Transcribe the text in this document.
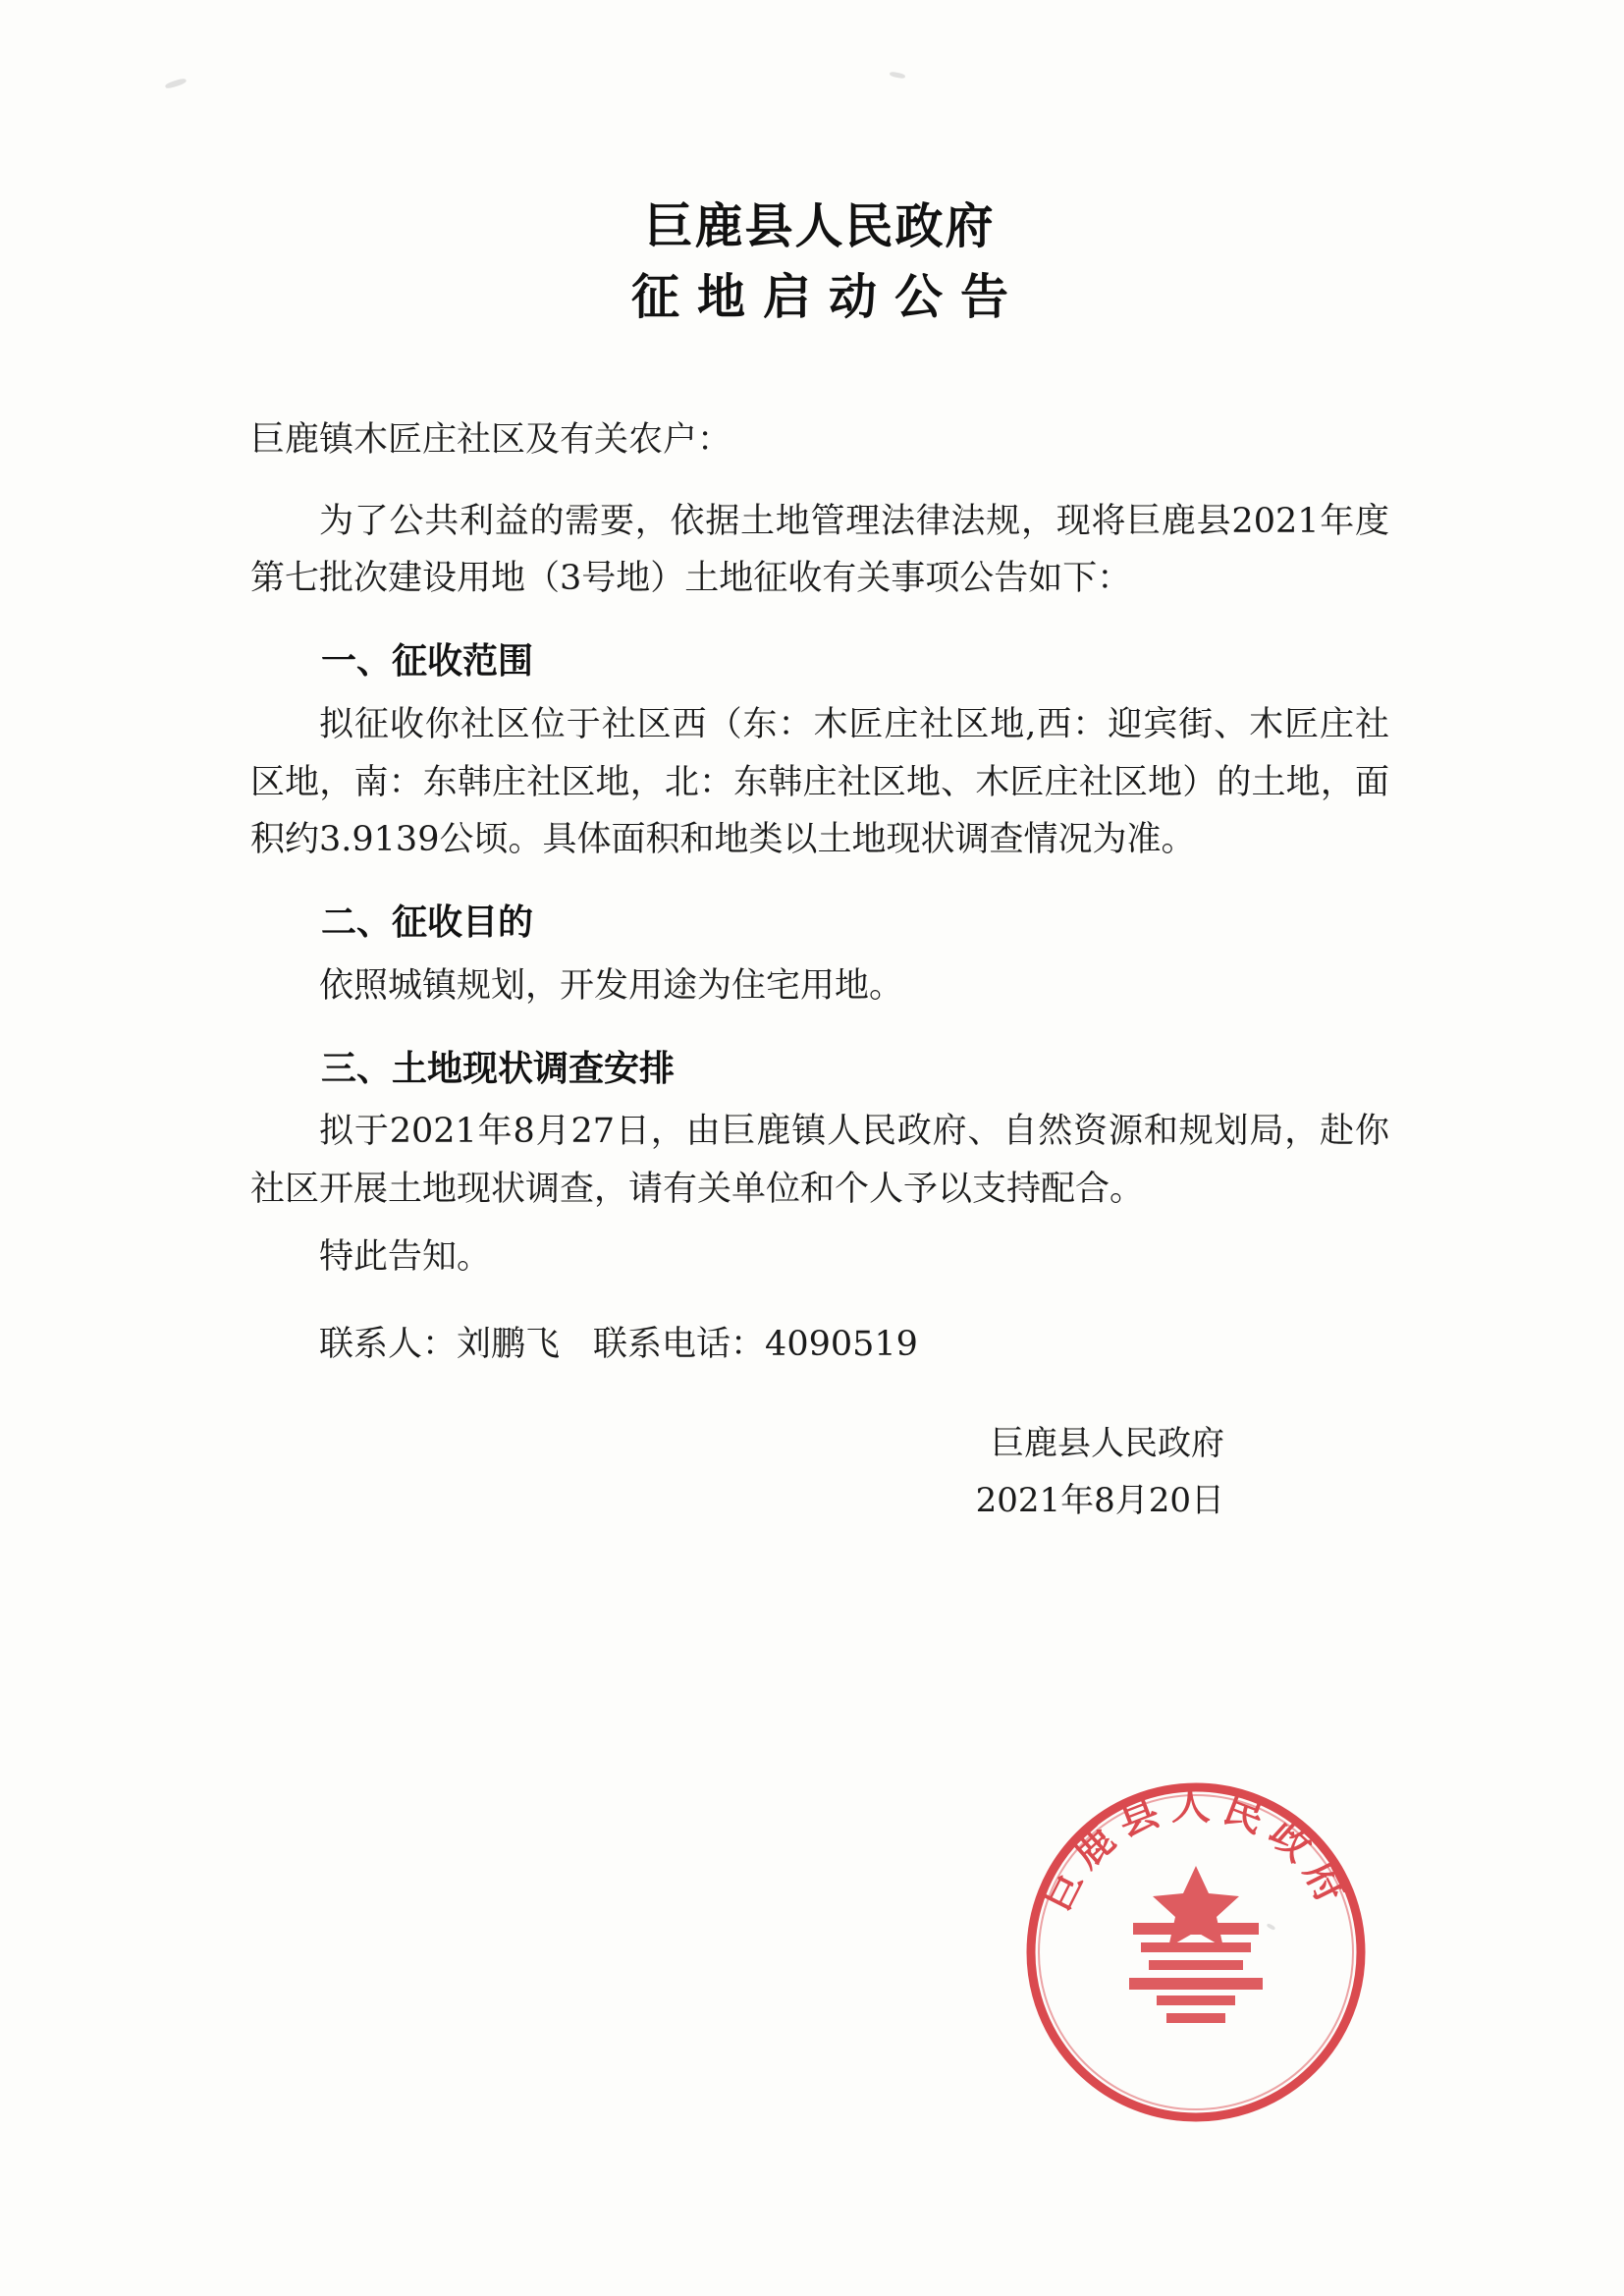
巨鹿县人民政府
征地启动公告
巨鹿镇木匠庄社区及有关农户：

为了公共利益的需要，依据土地管理法律法规，现将巨鹿县2021年度第七批次建设用地（3号地）土地征收有关事项公告如下：

一、征收范围

拟征收你社区位于社区西（东：木匠庄社区地,西：迎宾街、木匠庄社区地，南：东韩庄社区地，北：东韩庄社区地、木匠庄社区地）的土地，面积约3.9139公顷。具体面积和地类以土地现状调查情况为准。

二、征收目的

依照城镇规划，开发用途为住宅用地。

三、土地现状调查安排

拟于2021年8月27日，由巨鹿镇人民政府、自然资源和规划局，赴你社区开展土地现状调查，请有关单位和个人予以支持配合。

特此告知。

联系人：刘鹏飞 联系电话：4090519
巨鹿县人民政府
2021年8月20日
巨鹿县人民政府
